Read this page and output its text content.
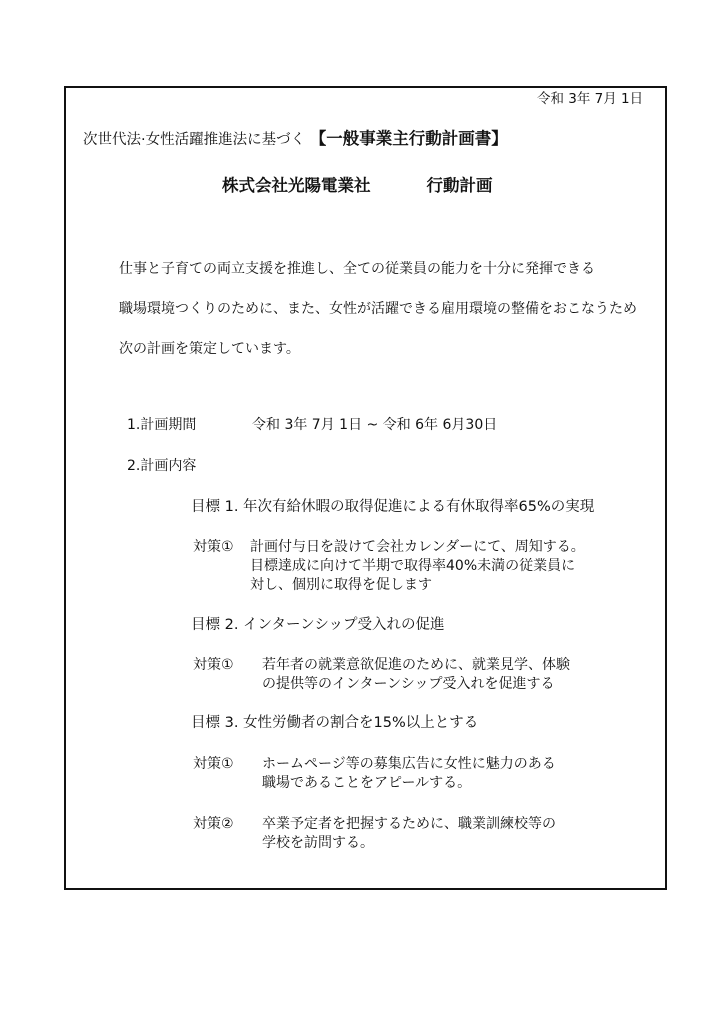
令和 3年 7月 1日
次世代法·女性活躍推進法に基づく 【一般事業主行動計画書】
株式会社光陽電業社	行動計画
仕事と子育ての両立支援を推進し、全ての従業員の能力を十分に発揮できる
職場環境つくりのために、また、女性が活躍できる雇用環境の整備をおこなうため
次の計画を策定しています。
1.計画期間	令和 3年 7月 1日 ~ 令和 6年 6月30日
2.計画内容
目標 1. 年次有給休暇の取得促進による有休取得率65%の実現
対策① 計画付与日を設けて会社カレンダーにて、周知する。
目標達成に向けて半期で取得率40%未満の従業員に
対し、個別に取得を促します
目標 2. インターンシップ受入れの促進
対策① 若年者の就業意欲促進のために、就業見学、体験
の提供等のインターンシップ受入れを促進する
目標 3. 女性労働者の割合を15%以上とする
対策① ホームページ等の募集広告に女性に魅力のある
職場であることをアピールする。
対策② 卒業予定者を把握するために、職業訓練校等の
学校を訪問する。
